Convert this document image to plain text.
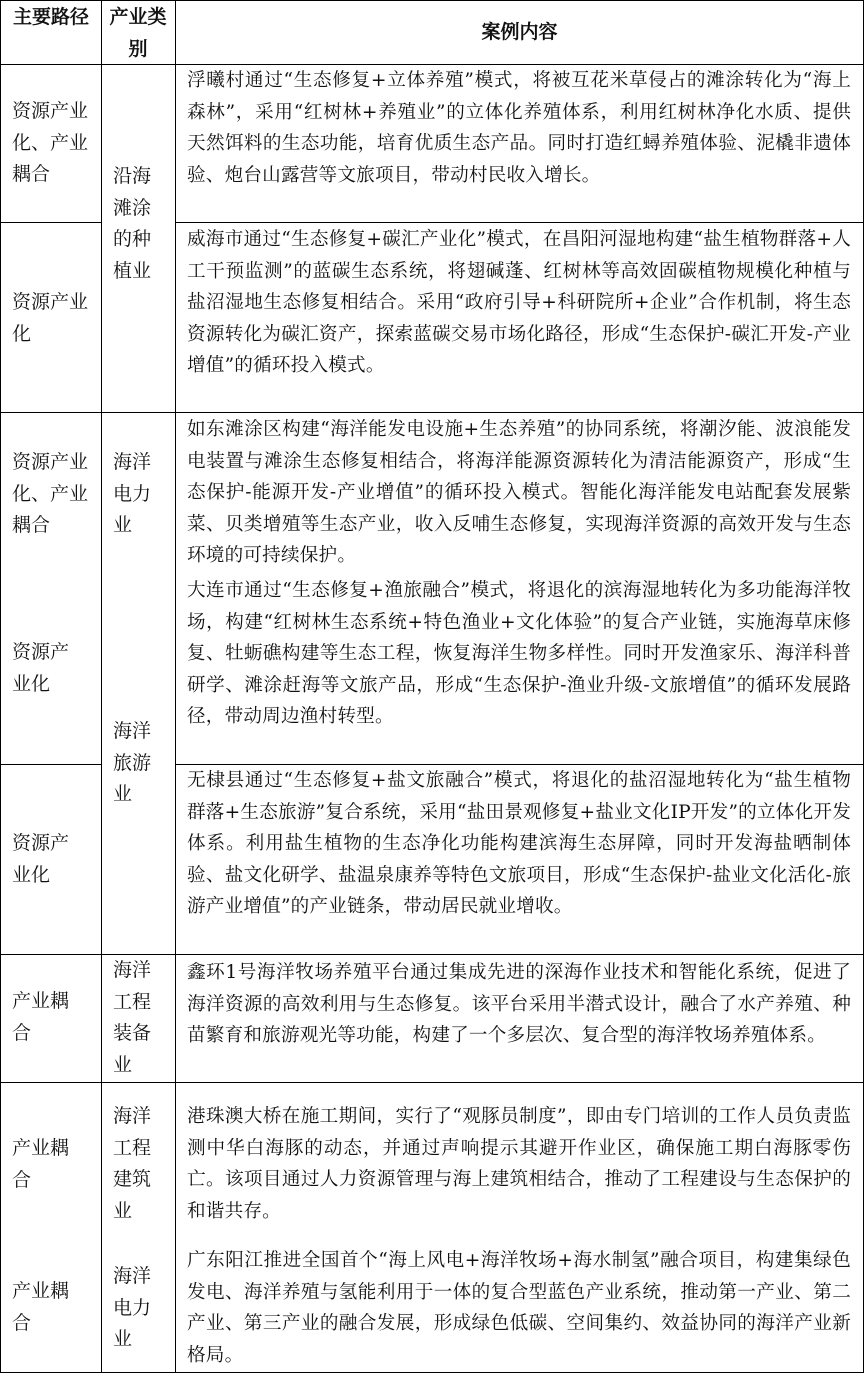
主要路径 产业类别
案例内容
资源产业化、产业耦合
资源产业化
资源产业化、产业耦合
资源产业化
资源产业化
产业耦合
产业耦合
产业耦合
沿海滩涂的种植业
海洋电力业
海洋旅游业
海洋工程装备业
海洋工程建筑业
海洋电力业
浮曦村通过“生态修复+立体养殖”模式，将被互花米草侵占的滩涂转化为“海上森林”，采用“红树林+养殖业”的立体化养殖体系，利用红树林净化水质、提供天然饵料的生态功能，培育优质生态产品。同时打造红蟳养殖体验、泥橇非遗体验、炮台山露营等文旅项目，带动村民收入增长。
威海市通过“生态修复+碳汇产业化”模式，在昌阳河湿地构建“盐生植物群落+人工干预监测”的蓝碳生态系统，将翅碱蓬、红树林等高效固碳植物规模化种植与盐沼湿地生态修复相结合。采用“政府引导+科研院所+企业”合作机制，将生态资源转化为碳汇资产，探索蓝碳交易市场化路径，形成“生态保护-碳汇开发-产业增值”的循环投入模式。
如东滩涂区构建“海洋能发电设施+生态养殖”的协同系统，将潮汐能、波浪能发电装置与滩涂生态修复相结合，将海洋能源资源转化为清洁能源资产，形成“生态保护-能源开发-产业增值”的循环投入模式。智能化海洋能发电站配套发展紫菜、贝类增殖等生态产业，收入反哺生态修复，实现海洋资源的高效开发与生态环境的可持续保护。
大连市通过“生态修复+渔旅融合”模式，将退化的滨海湿地转化为多功能海洋牧场，构建“红树林生态系统+特色渔业+文化体验”的复合产业链，实施海草床修复、牡蛎礁构建等生态工程，恢复海洋生物多样性。同时开发渔家乐、海洋科普研学、滩涂赶海等文旅产品，形成“生态保护-渔业升级-文旅增值”的循环发展路径，带动周边渔村转型。
无棣县通过“生态修复+盐文旅融合”模式，将退化的盐沼湿地转化为“盐生植物群落+生态旅游”复合系统，采用“盐田景观修复+盐业文化IP开发”的立体化开发体系。利用盐生植物的生态净化功能构建滨海生态屏障，同时开发海盐晒制体验、盐文化研学、盐温泉康养等特色文旅项目，形成“生态保护-盐业文化活化-旅游产业增值”的产业链条，带动居民就业增收。
鑫环1号海洋牧场养殖平台通过集成先进的深海作业技术和智能化系统，促进了海洋资源的高效利用与生态修复。该平台采用半潜式设计，融合了水产养殖、种苗繁育和旅游观光等功能，构建了一个多层次、复合型的海洋牧场养殖体系。
港珠澳大桥在施工期间，实行了“观豚员制度”，即由专门培训的工作人员负责监测中华白海豚的动态，并通过声响提示其避开作业区，确保施工期白海豚零伤亡。该项目通过人力资源管理与海上建筑相结合，推动了工程建设与生态保护的和谐共存。
广东阳江推进全国首个“海上风电+海洋牧场+海水制氢”融合项目，构建集绿色发电、海洋养殖与氢能利用于一体的复合型蓝色产业系统，推动第一产业、第二产业、第三产业的融合发展，形成绿色低碳、空间集约、效益协同的海洋产业新格局。
